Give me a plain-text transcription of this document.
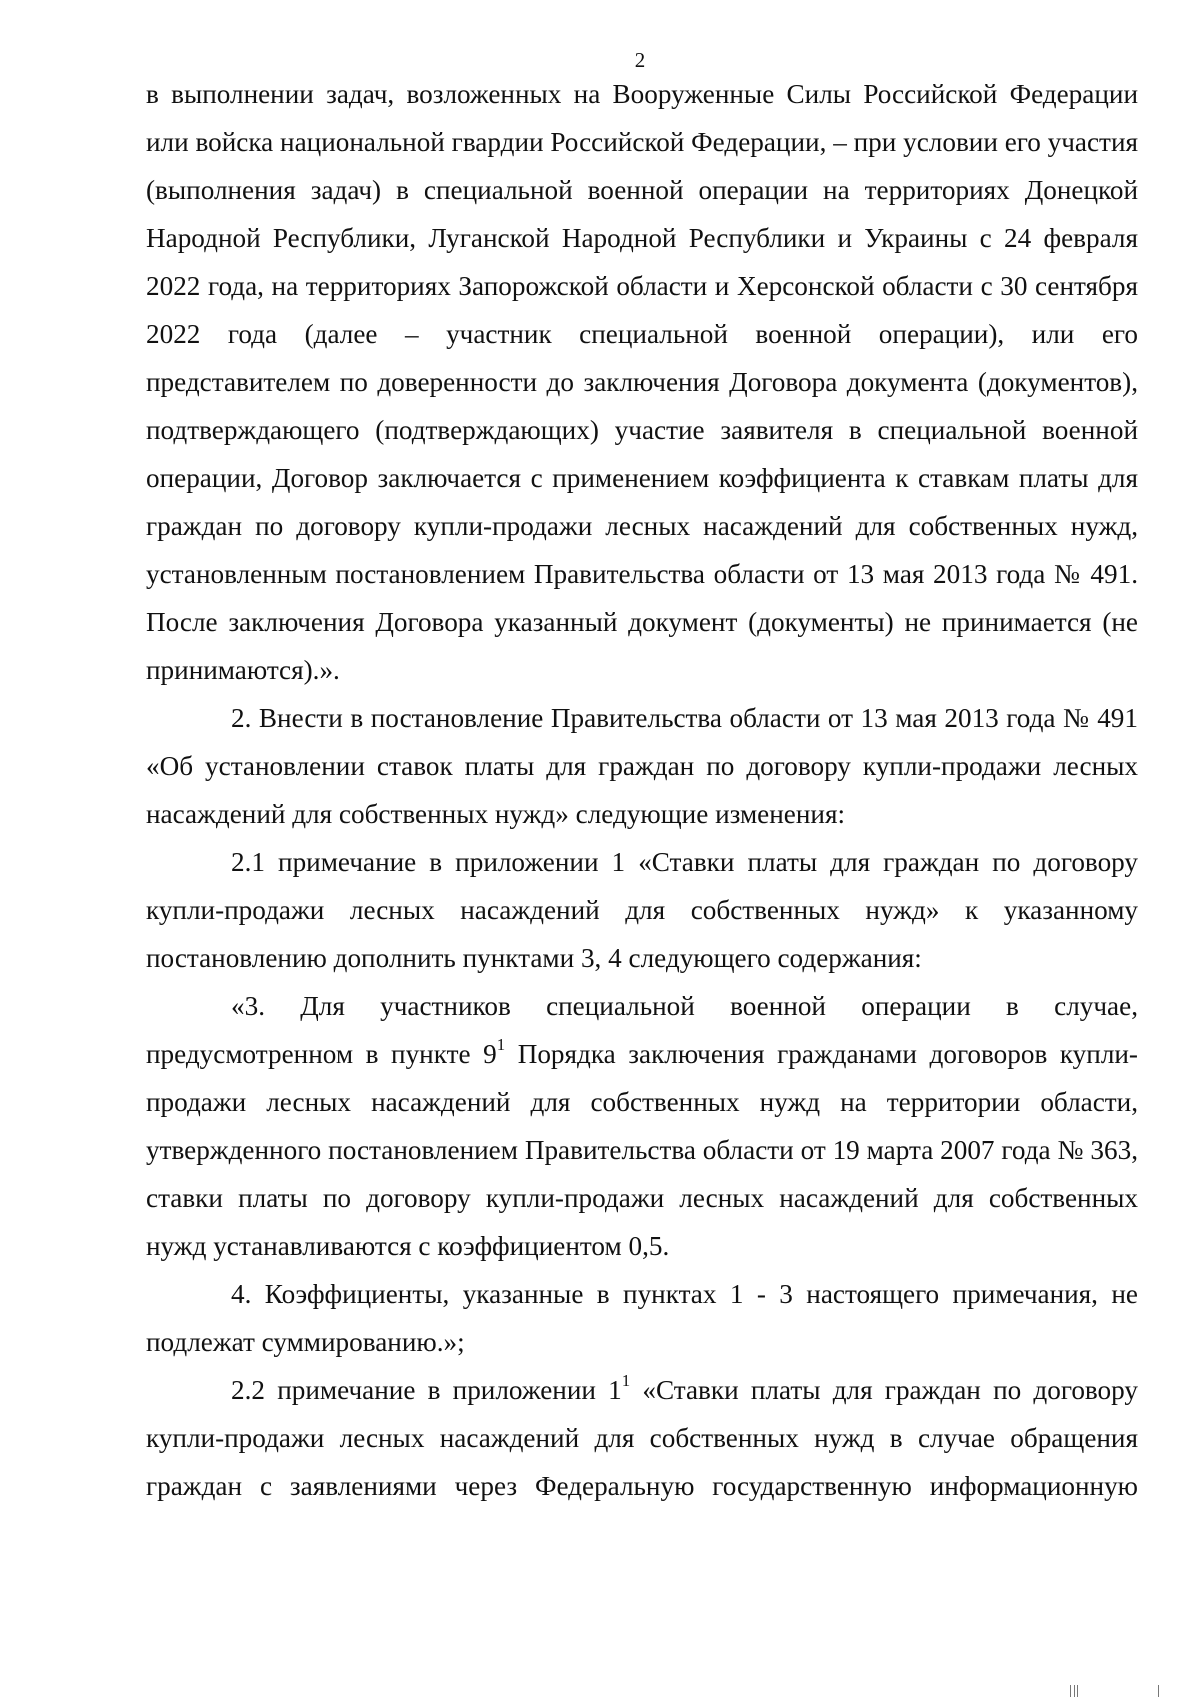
2

в выполнении задач, возложенных на Вооруженные Силы Российской Федерации или войска национальной гвардии Российской Федерации, – при условии его участия (выполнения задач) в специальной военной операции на территориях Донецкой Народной Республики, Луганской Народной Республики и Украины с 24 февраля 2022 года, на территориях Запорожской области и Херсонской области с 30 сентября 2022 года (далее – участник специальной военной операции), или его представителем по доверенности до заключения Договора документа (документов), подтверждающего (подтверждающих) участие заявителя в специальной военной операции, Договор заключается с применением коэффициента к ставкам платы для граждан по договору купли-продажи лесных насаждений для собственных нужд, установленным постановлением Правительства области от 13 мая 2013 года № 491. После заключения Договора указанный документ (документы) не принимается (не принимаются).».

2. Внести в постановление Правительства области от 13 мая 2013 года № 491 «Об установлении ставок платы для граждан по договору купли-продажи лесных насаждений для собственных нужд» следующие изменения:

2.1 примечание в приложении 1 «Ставки платы для граждан по договору купли-продажи лесных насаждений для собственных нужд» к указанному постановлению дополнить пунктами 3, 4 следующего содержания:

«3. Для участников специальной военной операции в случае, предусмотренном в пункте $9^1$ Порядка заключения гражданами договоров купли-продажи лесных насаждений для собственных нужд на территории области, утвержденного постановлением Правительства области от 19 марта 2007 года № 363, ставки платы по договору купли-продажи лесных насаждений для собственных нужд устанавливаются с коэффициентом 0,5.

4. Коэффициенты, указанные в пунктах 1 - 3 настоящего примечания, не подлежат суммированию.»;

2.2 примечание в приложении $1^1$ «Ставки платы для граждан по договору купли-продажи лесных насаждений для собственных нужд в случае обращения граждан с заявлениями через Федеральную государственную информационную
